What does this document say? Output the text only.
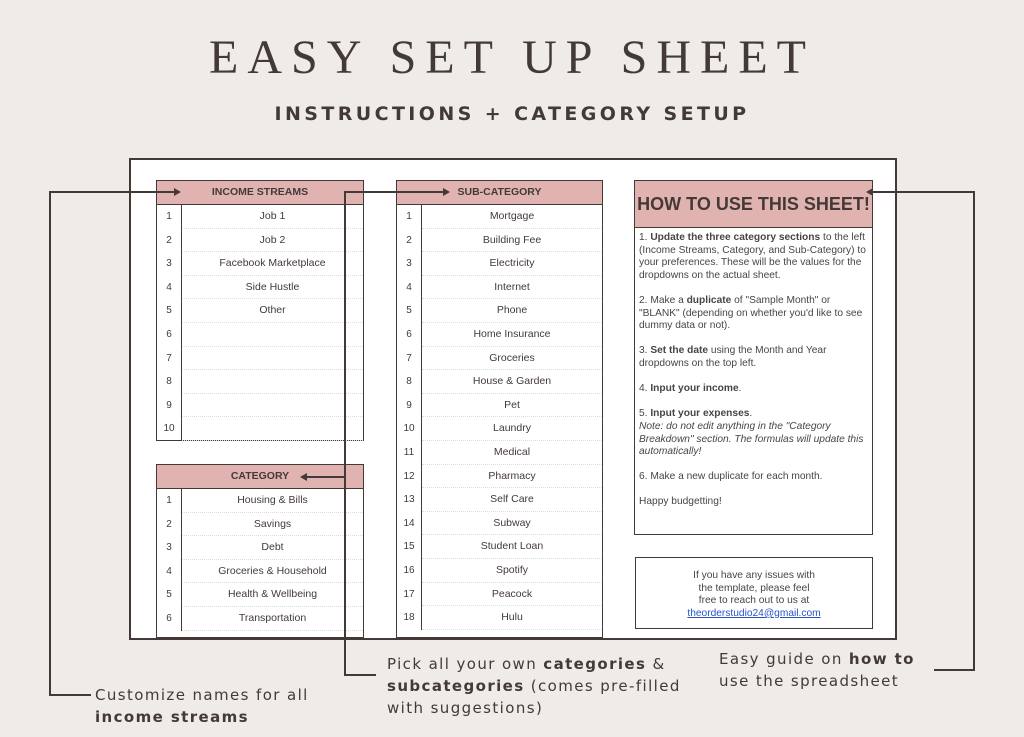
EASY SET UP SHEET
INSTRUCTIONS + CATEGORY SETUP
INCOME STREAMS
1	Job 1
2	Job 2
3	Facebook Marketplace
4	Side Hustle
5	Other
6
7
8
9
10
CATEGORY
1	Housing & Bills
2	Savings
3	Debt
4	Groceries & Household
5	Health & Wellbeing
6	Transportation
SUB-CATEGORY
1	Mortgage
2	Building Fee
3	Electricity
4	Internet
5	Phone
6	Home Insurance
7	Groceries
8	House & Garden
9	Pet
10	Laundry
11	Medical
12	Pharmacy
13	Self Care
14	Subway
15	Student Loan
16	Spotify
17	Peacock
18	Hulu
HOW TO USE THIS SHEET!

1. Update the three category sections to the left (Income Streams, Category, and Sub-Category) to your preferences. These will be the values for the dropdowns on the actual sheet.

2. Make a duplicate of "Sample Month" or "BLANK" (depending on whether you'd like to see dummy data or not).

3. Set the date using the Month and Year dropdowns on the top left.

4. Input your income.

5. Input your expenses.
Note: do not edit anything in the "Category Breakdown" section. The formulas will update this automatically!

6. Make a new duplicate for each month.

Happy budgetting!

If you have any issues with
the template, please feel
free to reach out to us at
theorderstudio24@gmail.com
Customize names for all
income streams
Pick all your own categories &
subcategories (comes pre-filled
with suggestions)
Easy guide on how to
use the spreadsheet
